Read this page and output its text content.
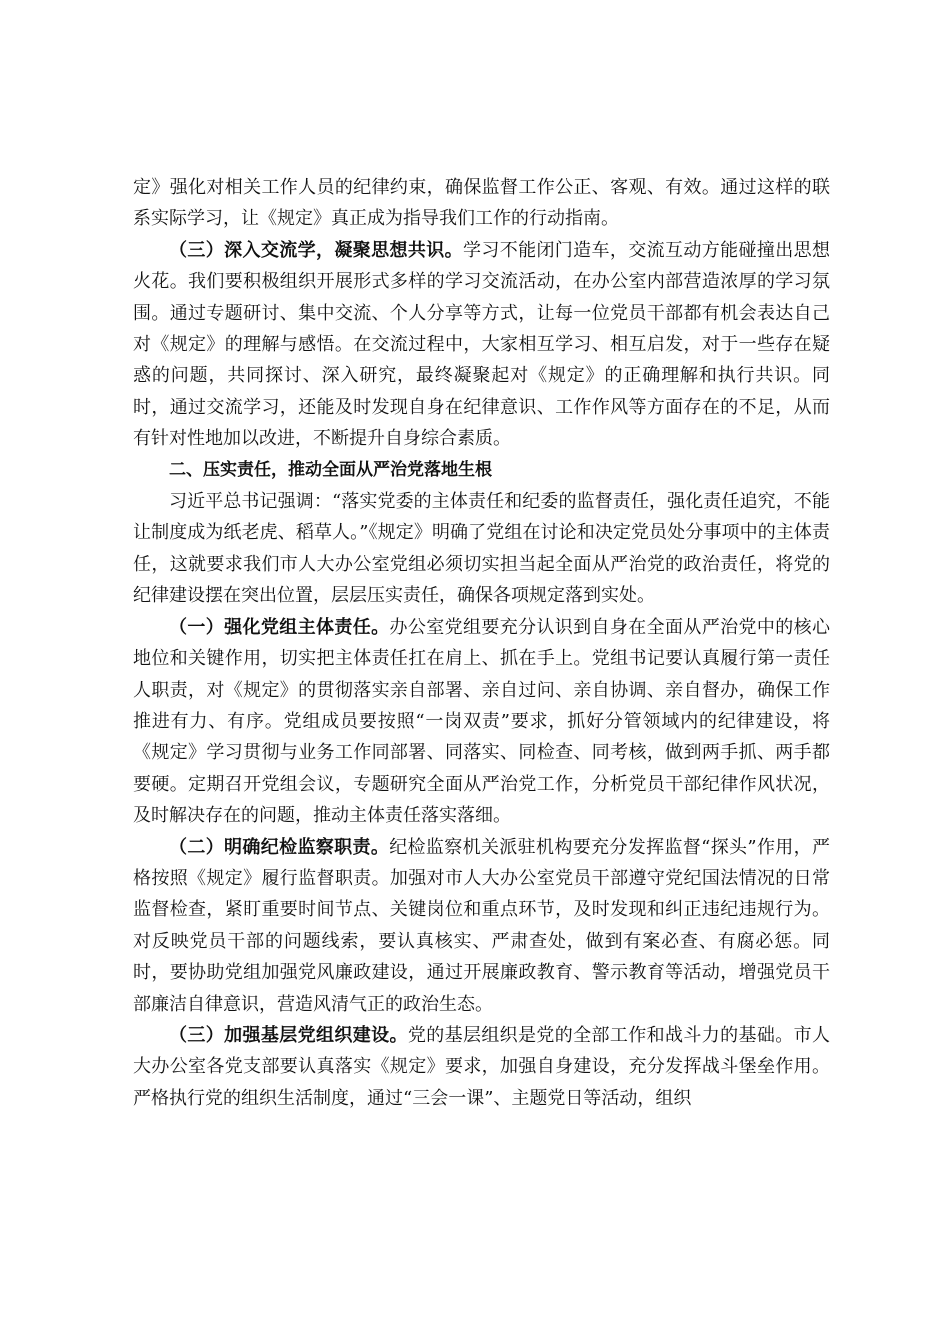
定》强化对相关工作人员的纪律约束，确保监督工作公正、客观、有效。通过这样的联系实际学习，让《规定》真正成为指导我们工作的行动指南。

（三）深入交流学，凝聚思想共识。学习不能闭门造车，交流互动方能碰撞出思想火花。我们要积极组织开展形式多样的学习交流活动，在办公室内部营造浓厚的学习氛围。通过专题研讨、集中交流、个人分享等方式，让每一位党员干部都有机会表达自己对《规定》的理解与感悟。在交流过程中，大家相互学习、相互启发，对于一些存在疑惑的问题，共同探讨、深入研究，最终凝聚起对《规定》的正确理解和执行共识。同时，通过交流学习，还能及时发现自身在纪律意识、工作作风等方面存在的不足，从而有针对性地加以改进，不断提升自身综合素质。

二、压实责任，推动全面从严治党落地生根

习近平总书记强调：“落实党委的主体责任和纪委的监督责任，强化责任追究，不能让制度成为纸老虎、稻草人。”《规定》明确了党组在讨论和决定党员处分事项中的主体责任，这就要求我们市人大办公室党组必须切实担当起全面从严治党的政治责任，将党的纪律建设摆在突出位置，层层压实责任，确保各项规定落到实处。

（一）强化党组主体责任。办公室党组要充分认识到自身在全面从严治党中的核心地位和关键作用，切实把主体责任扛在肩上、抓在手上。党组书记要认真履行第一责任人职责，对《规定》的贯彻落实亲自部署、亲自过问、亲自协调、亲自督办，确保工作推进有力、有序。党组成员要按照“一岗双责”要求，抓好分管领域内的纪律建设，将《规定》学习贯彻与业务工作同部署、同落实、同检查、同考核，做到两手抓、两手都要硬。定期召开党组会议，专题研究全面从严治党工作，分析党员干部纪律作风状况，及时解决存在的问题，推动主体责任落实落细。

（二）明确纪检监察职责。纪检监察机关派驻机构要充分发挥监督“探头”作用，严格按照《规定》履行监督职责。加强对市人大办公室党员干部遵守党纪国法情况的日常监督检查，紧盯重要时间节点、关键岗位和重点环节，及时发现和纠正违纪违规行为。对反映党员干部的问题线索，要认真核实、严肃查处，做到有案必查、有腐必惩。同时，要协助党组加强党风廉政建设，通过开展廉政教育、警示教育等活动，增强党员干部廉洁自律意识，营造风清气正的政治生态。

（三）加强基层党组织建设。党的基层组织是党的全部工作和战斗力的基础。市人大办公室各党支部要认真落实《规定》要求，加强自身建设，充分发挥战斗堡垒作用。严格执行党的组织生活制度，通过“三会一课”、主题党日等活动，组织
